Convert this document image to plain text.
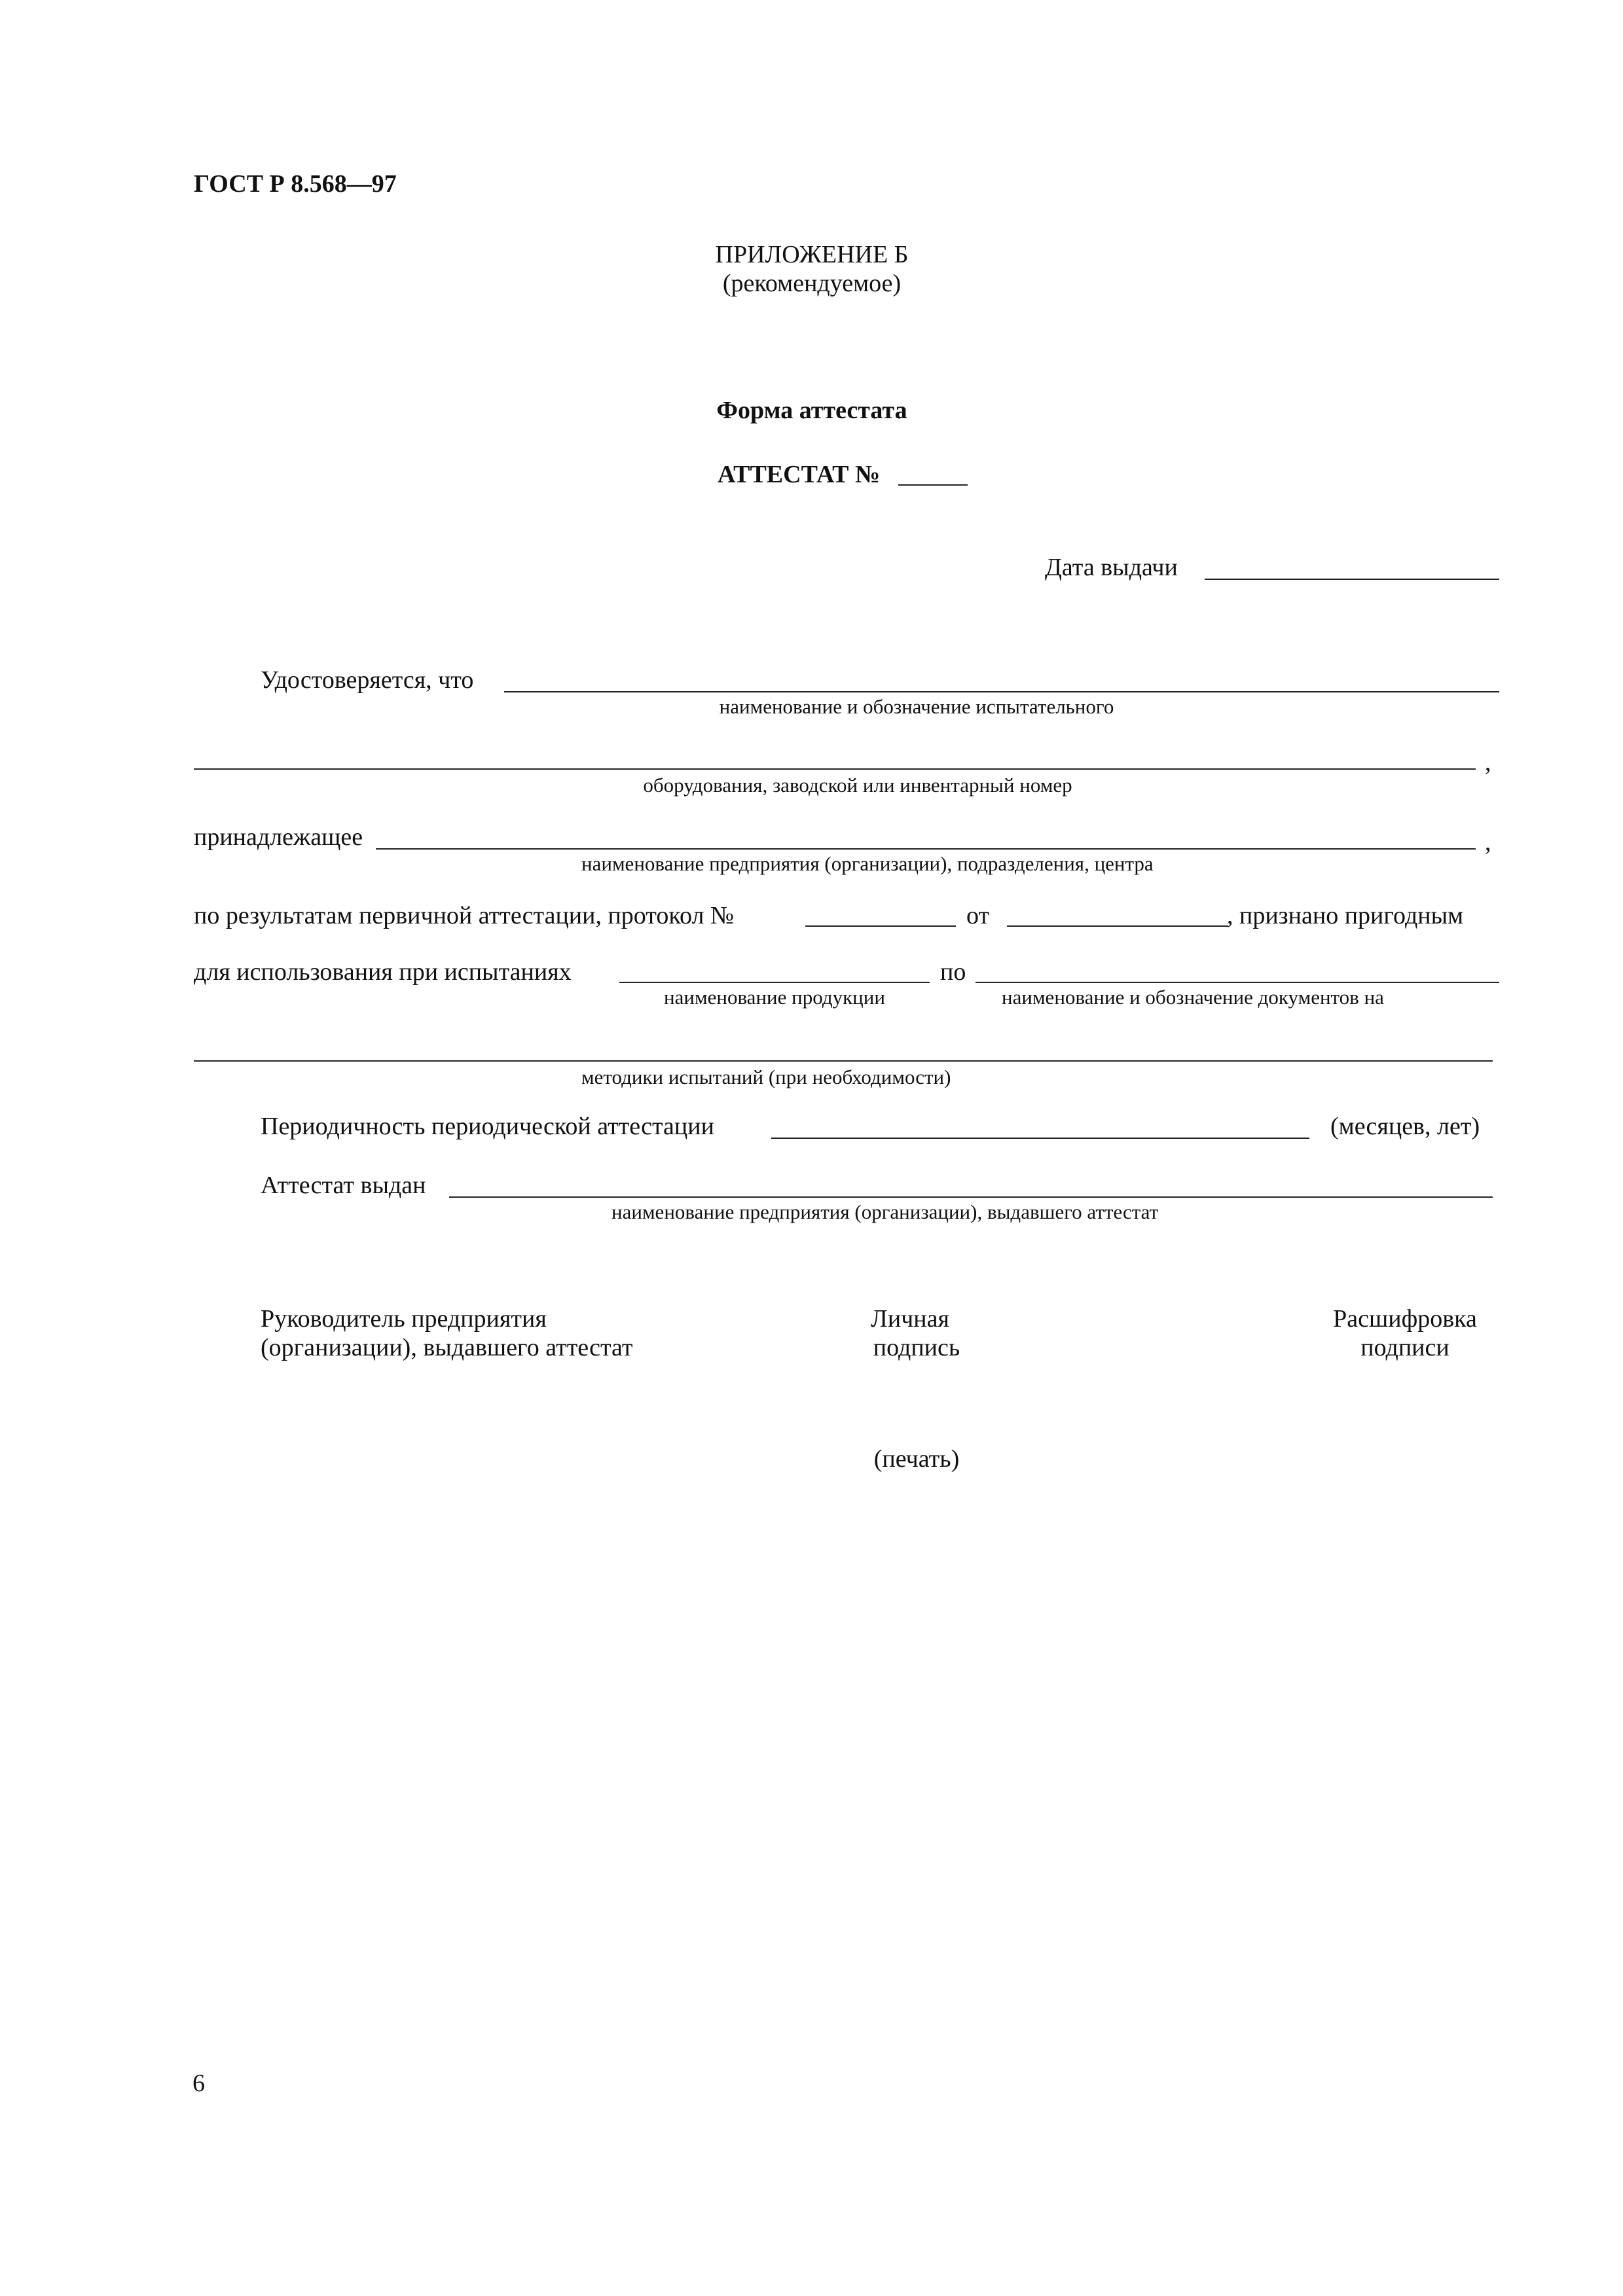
ГОСТ Р 8.568—97
ПРИЛОЖЕНИЕ Б
(рекомендуемое)
Форма аттестата
АТТЕСТАТ №
Дата выдачи
Удостоверяется, что
наименование и обозначение испытательного
,
оборудования, заводской или инвентарный номер
принадлежащее	,
наименование предприятия (организации), подразделения, центра
по результатам первичной аттестации, протокол №	от	, признано пригодным
для использования при испытаниях
наименование продукции
по
наименование и обозначение документов на
методики испытаний (при необходимости)
Периодичность периодической аттестации	(месяцев, лет)
Аттестат выдан
наименование предприятия (организации), выдавшего аттестат
Руководитель предприятия
(организации), выдавшего аттестат
Личная
подпись
Расшифровка
подписи
(печать)
6
